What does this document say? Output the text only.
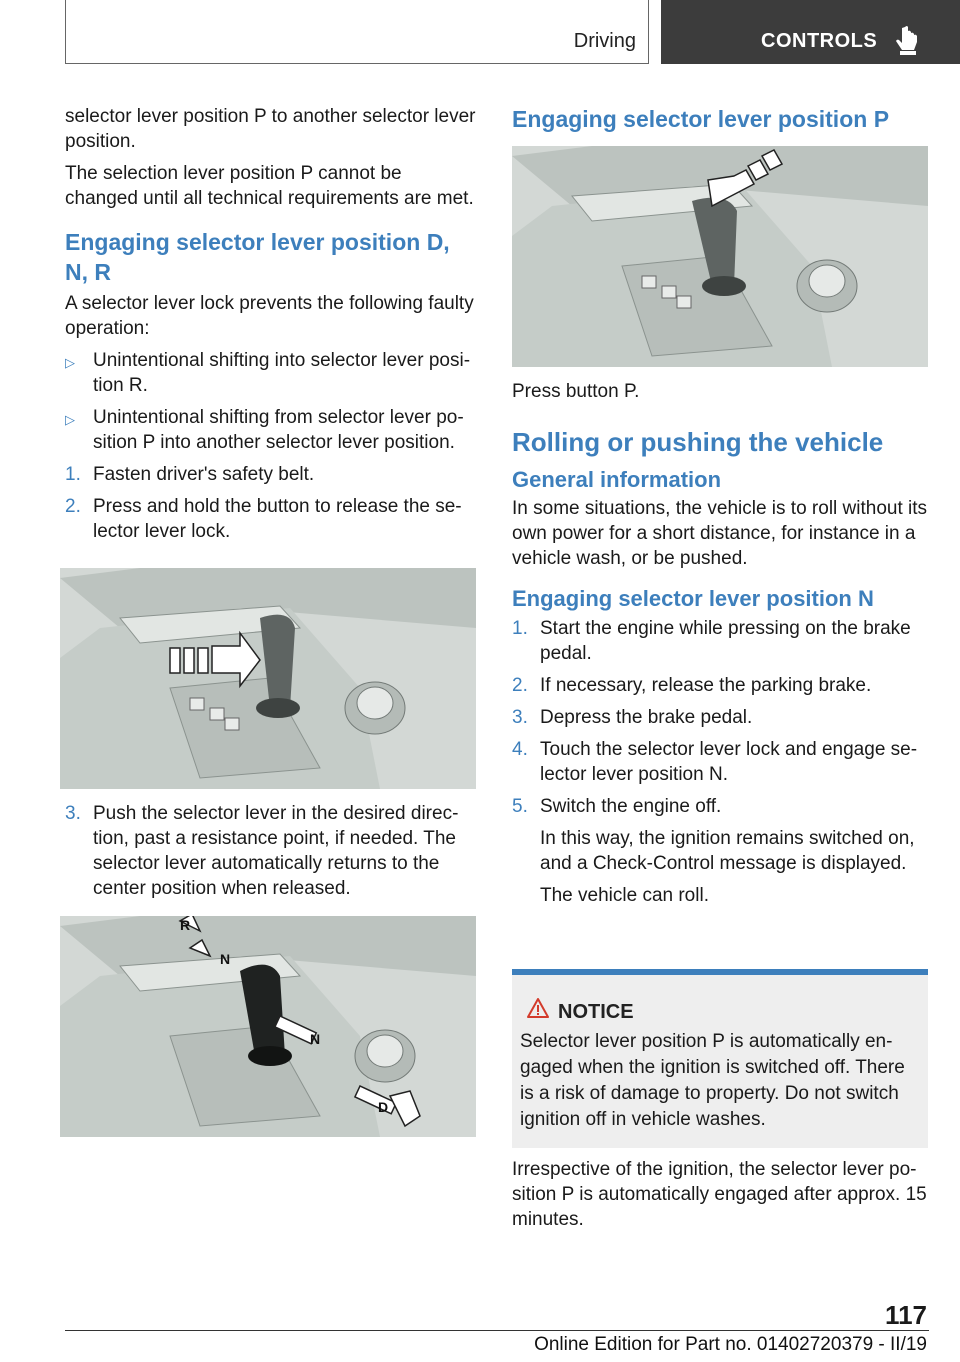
Driving	CONTROLS

selector lever position P to another selector lever position.

The selection lever position P cannot be changed until all technical requirements are met.

Engaging selector lever position D, N, R

A selector lever lock prevents the following faulty operation:

▷ Unintentional shifting into selector lever posi‐ tion R.
▷ Unintentional shifting from selector lever po‐ sition P into another selector lever position.
1. Fasten driver's safety belt.
2. Press and hold the button to release the se‐ lector lever lock.
3. Push the selector lever in the desired direc‐ tion, past a resistance point, if needed. The selector lever automatically returns to the center position when released.
R
N
N
D
Engaging selector lever position P

Press button P.

Rolling or pushing the vehicle
General information

In some situations, the vehicle is to roll without its own power for a short distance, for instance in a vehicle wash, or be pushed.

Engaging selector lever position N
1. Start the engine while pressing on the brake pedal.
2. If necessary, release the parking brake.
3. Depress the brake pedal.
4. Touch the selector lever lock and engage se‐ lector lever position N.
5. Switch the engine off.

In this way, the ignition remains switched on, and a Check-Control message is displayed.

The vehicle can roll.

NOTICE
Selector lever position P is automatically en‐ gaged when the ignition is switched off. There is a risk of damage to property. Do not switch ignition off in vehicle washes.

Irrespective of the ignition, the selector lever po‐ sition P is automatically engaged after approx. 15 minutes.

117
Online Edition for Part no. 01402720379 - II/19
